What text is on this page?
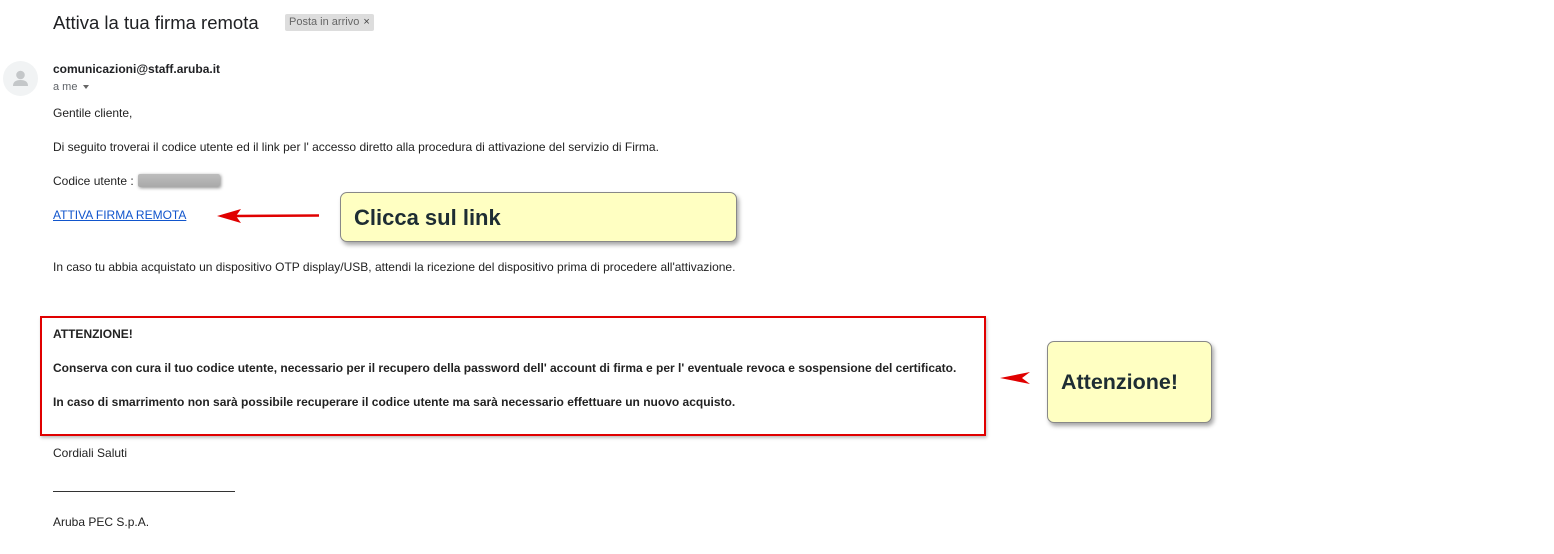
Attiva la tua firma remota	Posta in arrivo ×
comunicazioni@staff.aruba.it
a me
Gentile cliente,
Di seguito troverai il codice utente ed il link per l' accesso diretto alla procedura di attivazione del servizio di Firma.
Codice utente :
ATTIVA FIRMA REMOTA	Clicca sul link
In caso tu abbia acquistato un dispositivo OTP display/USB, attendi la ricezione del dispositivo prima di procedere all'attivazione.
ATTENZIONE!
Conserva con cura il tuo codice utente, necessario per il recupero della password dell' account di firma e per l' eventuale revoca e sospensione del certificato.
In caso di smarrimento non sarà possibile recuperare il codice utente ma sarà necessario effettuare un nuovo acquisto.
Attenzione!
Cordiali Saluti
Aruba PEC S.p.A.
